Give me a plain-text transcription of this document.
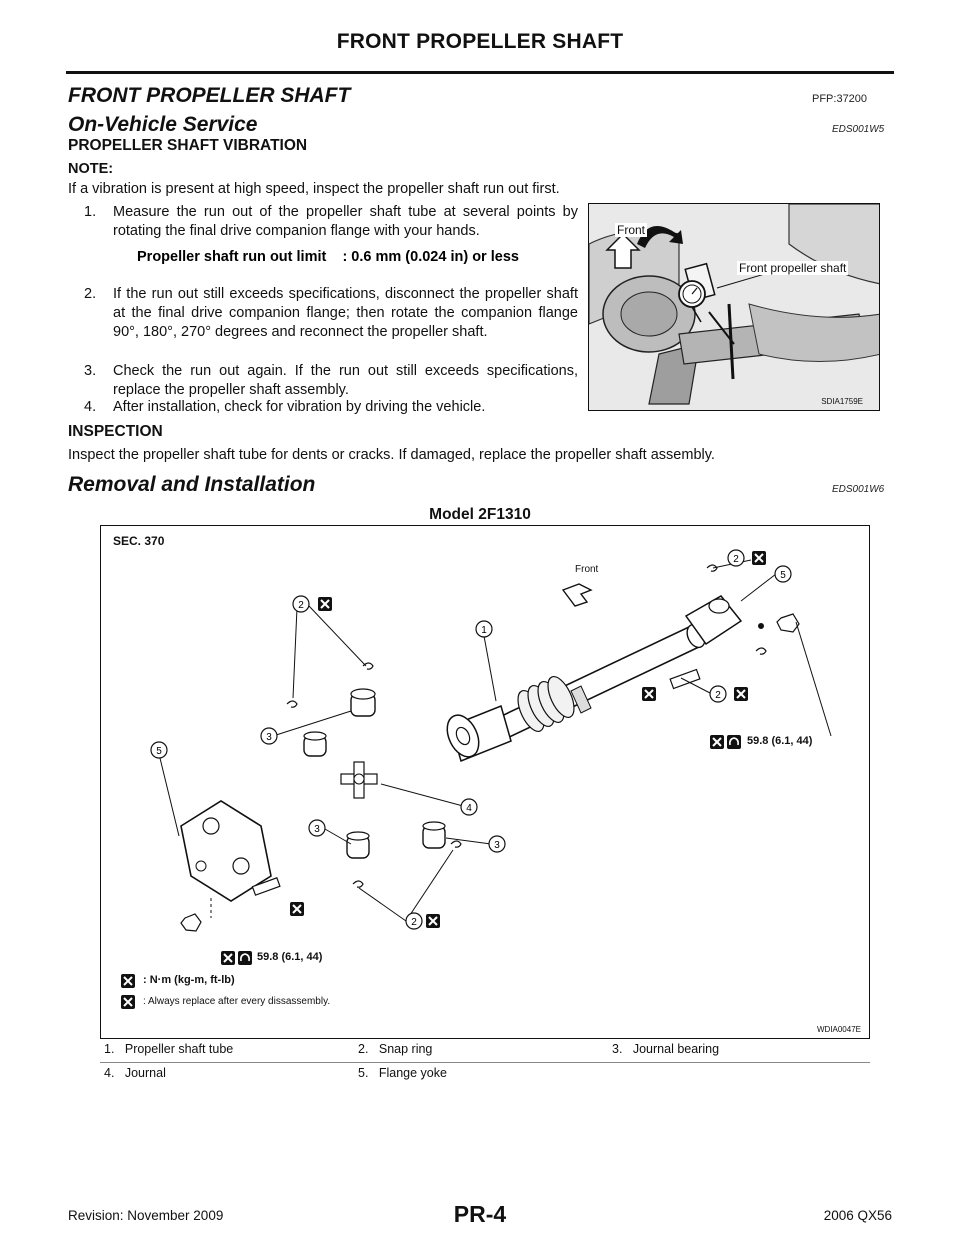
FRONT PROPELLER SHAFT
FRONT PROPELLER SHAFT	PFP:37200
On-Vehicle Service	EDS001W5
PROPELLER SHAFT VIBRATION
NOTE:
If a vibration is present at high speed, inspect the propeller shaft run out first.
1.	Measure the run out of the propeller shaft tube at several points by rotating the final drive companion flange with your hands.
Propeller shaft run out limit : 0.6 mm (0.024 in) or less
2.	If the run out still exceeds specifications, disconnect the propeller shaft at the final drive companion flange; then rotate the companion flange 90°, 180°, 270° degrees and reconnect the propeller shaft.
3.	Check the run out again. If the run out still exceeds specifications, replace the propeller shaft assembly.
4.	After installation, check for vibration by driving the vehicle.
Front
Front propeller shaft
SDIA1759E
INSPECTION
Inspect the propeller shaft tube for dents or cracks. If damaged, replace the propeller shaft assembly.
Removal and Installation	EDS001W6
Model 2F1310
1
2
2
2
2
3
3
3
4
5
5
SEC. 370
Front
59.8 (6.1, 44)
59.8 (6.1, 44)
: N·m (kg-m, ft-lb)
: Always replace after every dissassembly.
WDIA0047E
1. Propeller shaft tube	2. Snap ring	3. Journal bearing
4. Journal	5. Flange yoke
Revision: November 2009	PR-4	2006 QX56
